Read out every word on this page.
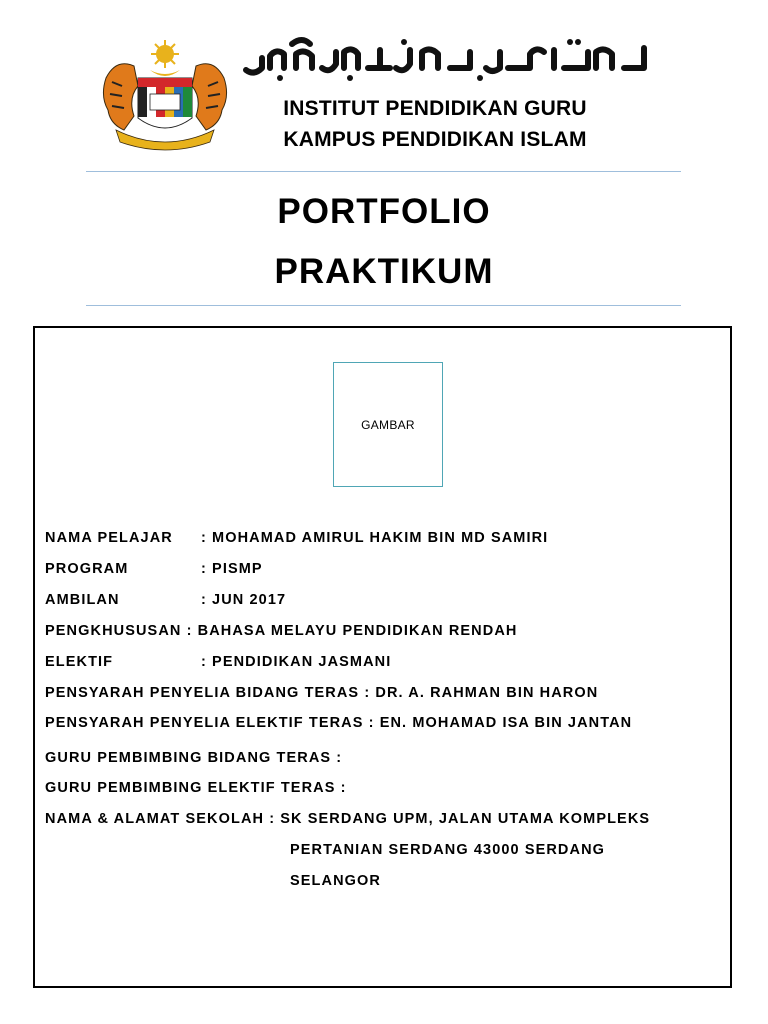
INSTITUT PENDIDIKAN GURU
KAMPUS PENDIDIKAN ISLAM
PORTFOLIO
PRAKTIKUM
GAMBAR
NAMA PELAJAR : MOHAMAD AMIRUL HAKIM BIN MD SAMIRI
PROGRAM	: PISMP
AMBILAN	: JUN 2017
PENGKHUSUSAN : BAHASA MELAYU PENDIDIKAN RENDAH
ELEKTIF	: PENDIDIKAN JASMANI
PENSYARAH PENYELIA BIDANG TERAS : DR. A. RAHMAN BIN HARON
PENSYARAH PENYELIA ELEKTIF TERAS : EN. MOHAMAD ISA BIN JANTAN
GURU PEMBIMBING BIDANG TERAS :
GURU PEMBIMBING ELEKTIF TERAS :
NAMA & ALAMAT SEKOLAH : SK SERDANG UPM, JALAN UTAMA KOMPLEKS
PERTANIAN SERDANG 43000 SERDANG
SELANGOR
